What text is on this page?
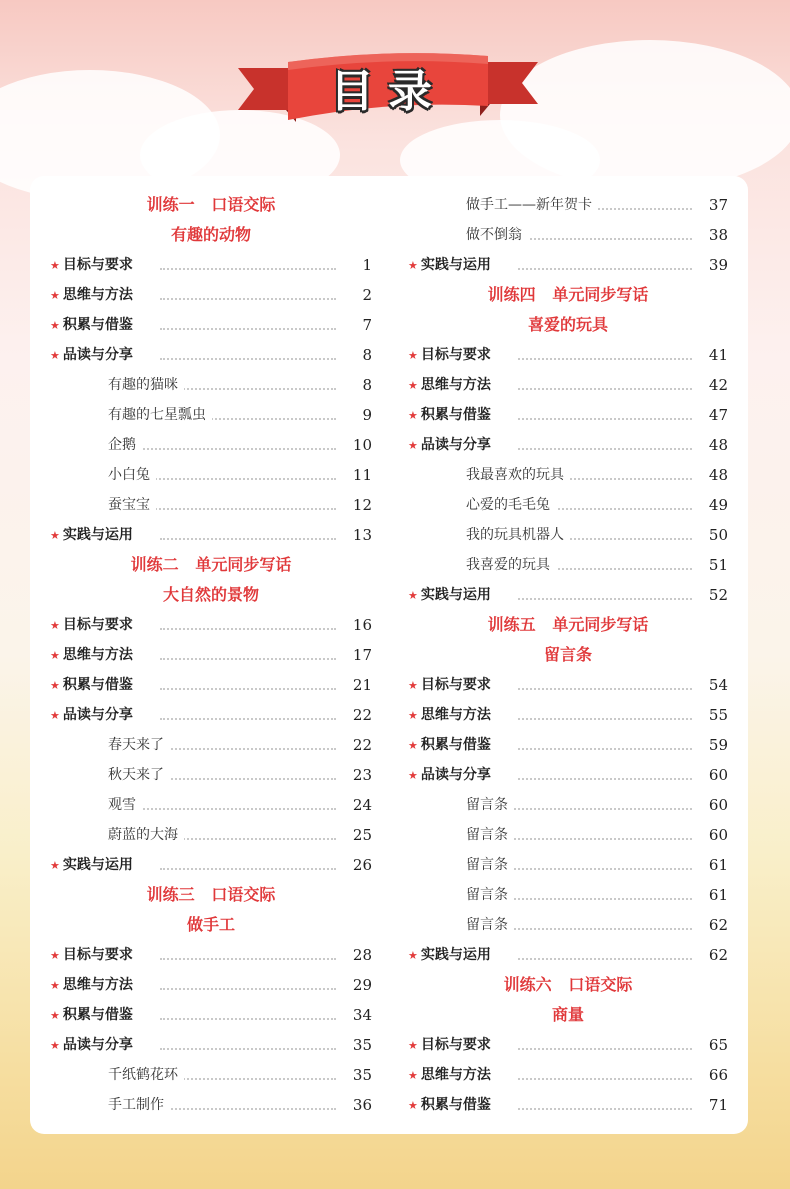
目录
训练一   口语交际
有趣的动物
★ 目标与要求	1
★ 思维与方法	2
★ 积累与借鉴	7
★ 品读与分享	8
有趣的猫咪	8
有趣的七星瓢虫	9
企鹅	10
小白兔	11
蚕宝宝	12
★ 实践与运用	13
训练二   单元同步写话
大自然的景物
★ 目标与要求	16
★ 思维与方法	17
★ 积累与借鉴	21
★ 品读与分享	22
春天来了	22
秋天来了	23
观雪	24
蔚蓝的大海	25
★ 实践与运用	26
训练三   口语交际
做手工
★ 目标与要求	28
★ 思维与方法	29
★ 积累与借鉴	34
★ 品读与分享	35
千纸鹤花环	35
手工制作	36
做手工——新年贺卡	37
做不倒翁	38
★ 实践与运用	39
训练四   单元同步写话
喜爱的玩具
★ 目标与要求	41
★ 思维与方法	42
★ 积累与借鉴	47
★ 品读与分享	48
我最喜欢的玩具	48
心爱的毛毛兔	49
我的玩具机器人	50
我喜爱的玩具	51
★ 实践与运用	52
训练五   单元同步写话
留言条
★ 目标与要求	54
★ 思维与方法	55
★ 积累与借鉴	59
★ 品读与分享	60
留言条	60
留言条	60
留言条	61
留言条	61
留言条	62
★ 实践与运用	62
训练六   口语交际
商量
★ 目标与要求	65
★ 思维与方法	66
★ 积累与借鉴	71
